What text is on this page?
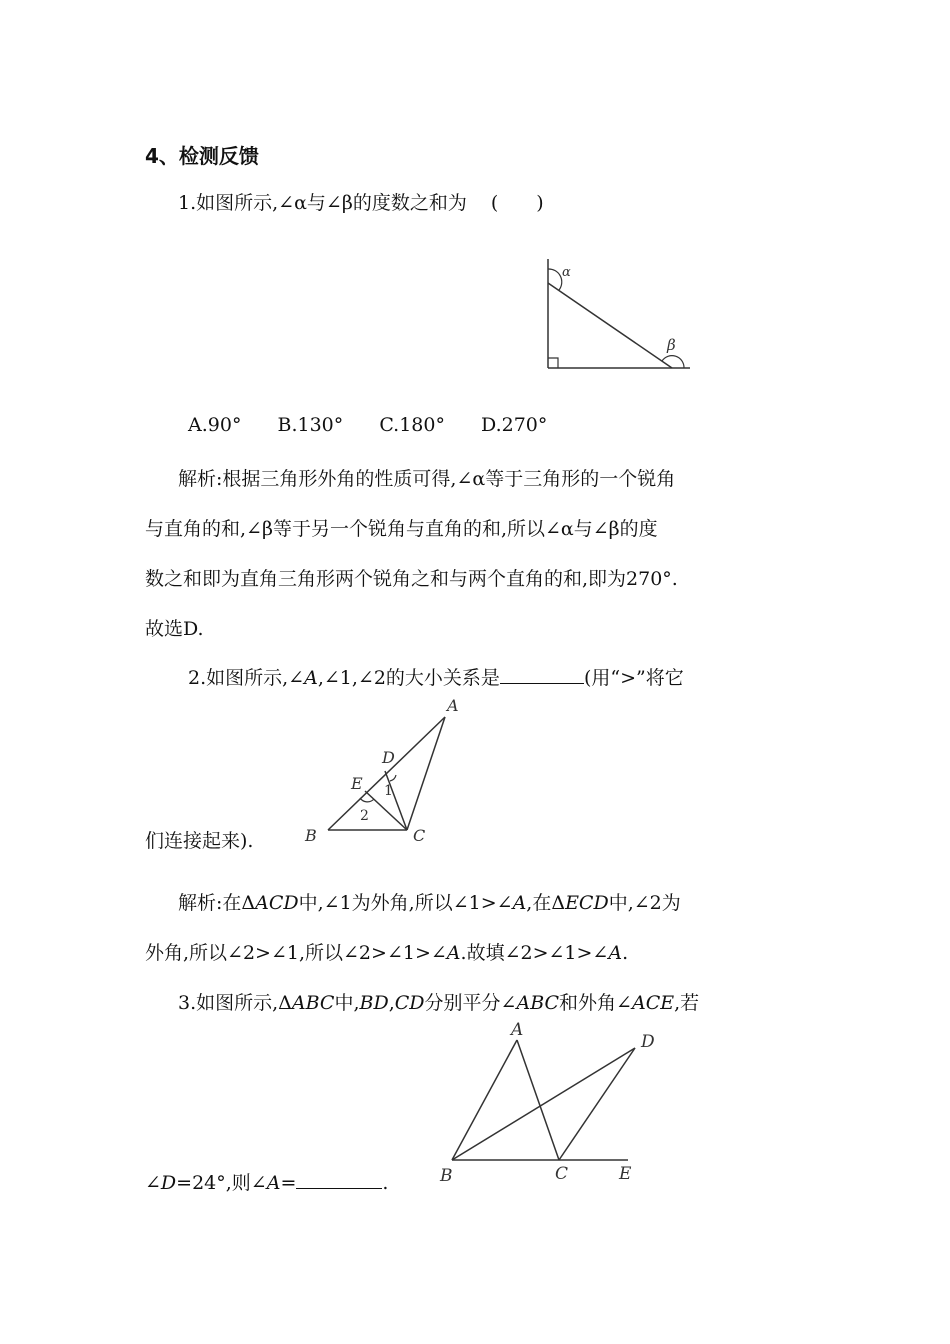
4、检测反馈
1.如图所示,∠α与∠β的度数之和为 (　　)
α
β
A.90° B.130° C.180° D.270°
解析:根据三角形外角的性质可得,∠α等于三角形的一个锐角
与直角的和,∠β等于另一个锐角与直角的和,所以∠α与∠β的度
数之和即为直角三角形两个锐角之和与两个直角的和,即为270°.
故选D.
2.如图所示,∠A,∠1,∠2的大小关系是	(用“>”将它
A
D
E 1
2
B	C
们连接起来).
解析:在ΔACD中,∠1为外角,所以∠1>∠A,在ΔECD中,∠2为
外角,所以∠2>∠1,所以∠2>∠1>∠A.故填∠2>∠1>∠A.
3.如图所示,ΔABC中,BD,CD分别平分∠ABC和外角∠ACE,若
A
D
B	C	E
∠D=24°,则∠A=	.
